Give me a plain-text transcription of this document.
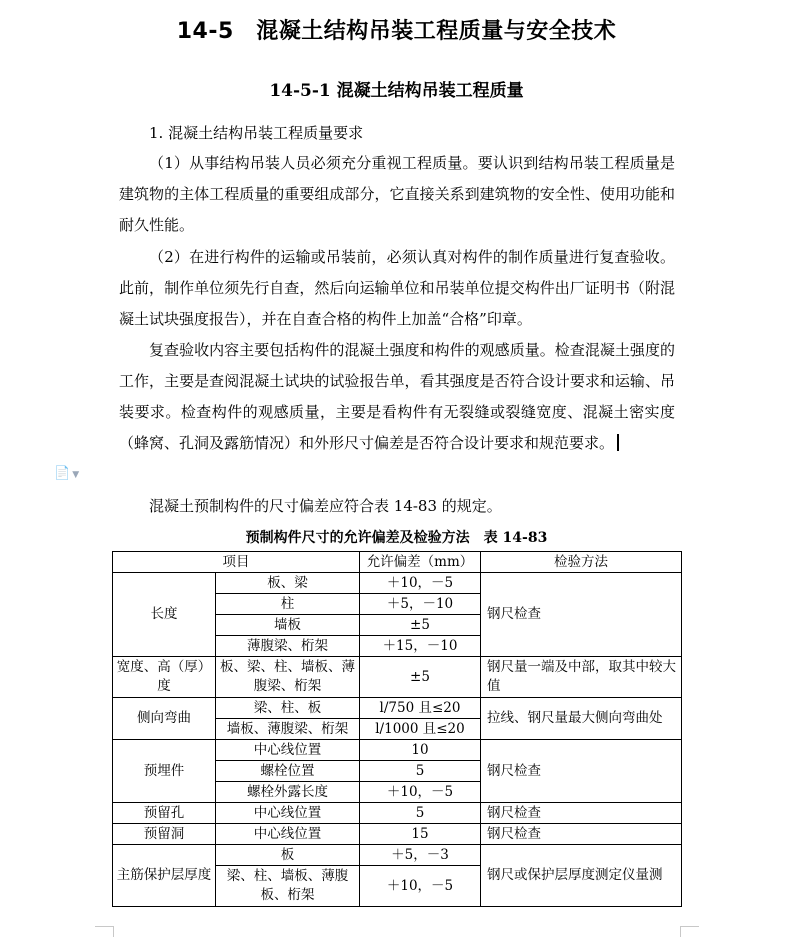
14-5　混凝土结构吊装工程质量与安全技术
14-5-1 混凝土结构吊装工程质量
1. 混凝土结构吊装工程质量要求
（1）从事结构吊装人员必须充分重视工程质量。要认识到结构吊装工程质量是建筑物的主体工程质量的重要组成部分，它直接关系到建筑物的安全性、使用功能和耐久性能。
（2）在进行构件的运输或吊装前，必须认真对构件的制作质量进行复查验收。此前，制作单位须先行自查，然后向运输单位和吊装单位提交构件出厂证明书（附混凝土试块强度报告），并在自查合格的构件上加盖“合格”印章。
复查验收内容主要包括构件的混凝土强度和构件的观感质量。检查混凝土强度的工作，主要是查阅混凝土试块的试验报告单，看其强度是否符合设计要求和运输、吊装要求。检查构件的观感质量，主要是看构件有无裂缝或裂缝宽度、混凝土密实度（蜂窝、孔洞及露筋情况）和外形尺寸偏差是否符合设计要求和规范要求。
📄 ▼
混凝土预制构件的尺寸偏差应符合表 14-83 的规定。
预制构件尺寸的允许偏差及检验方法　表 14-83
项目		允许偏差（mm）	检验方法
长度	板、梁	＋10，－5	钢尺检查
	柱	＋5，－10	
	墙板	±5	
	薄腹梁、桁架	＋15，－10	
宽度、高（厚）度	板、梁、柱、墙板、薄腹梁、桁架	±5	钢尺量一端及中部，取其中较大值
侧向弯曲	梁、柱、板	l/750 且≤20	拉线、钢尺量最大侧向弯曲处
	墙板、薄腹梁、桁架	l/1000 且≤20	
预埋件	中心线位置	10	钢尺检查
	螺栓位置	5	
	螺栓外露长度	＋10，－5	
预留孔	中心线位置	5	钢尺检查
预留洞	中心线位置	15	钢尺检查
主筋保护层厚度	板	＋5，－3	钢尺或保护层厚度测定仪量测
	梁、柱、墙板、薄腹板、桁架	＋10，－5	
